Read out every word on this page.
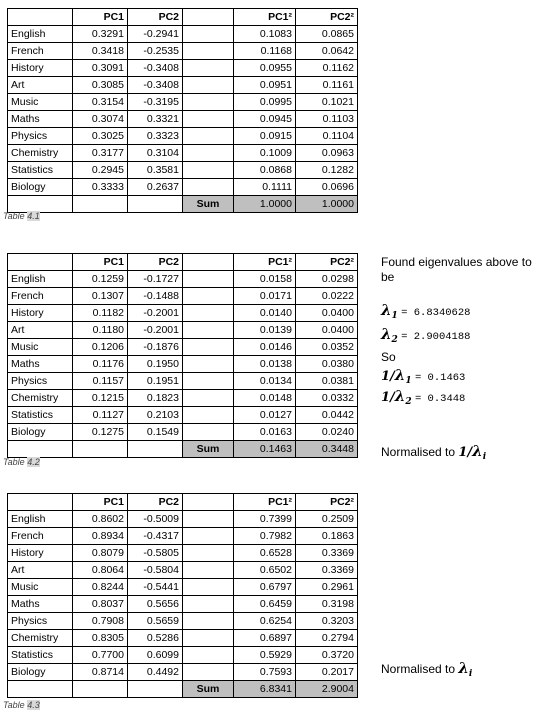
	PC1	PC2		PC1²	PC2²
English	0.3291	-0.2941		0.1083	0.0865
French	0.3418	-0.2535		0.1168	0.0642
History	0.3091	-0.3408		0.0955	0.1162
Art	0.3085	-0.3408		0.0951	0.1161
Music	0.3154	-0.3195		0.0995	0.1021
Maths	0.3074	0.3321		0.0945	0.1103
Physics	0.3025	0.3323		0.0915	0.1104
Chemistry	0.3177	0.3104		0.1009	0.0963
Statistics	0.2945	0.3581		0.0868	0.1282
Biology	0.3333	0.2637		0.1111	0.0696
			Sum	1.0000	1.0000
Table 4.1
	PC1	PC2		PC1²	PC2²
English	0.1259	-0.1727		0.0158	0.0298
French	0.1307	-0.1488		0.0171	0.0222
History	0.1182	-0.2001		0.0140	0.0400
Art	0.1180	-0.2001		0.0139	0.0400
Music	0.1206	-0.1876		0.0146	0.0352
Maths	0.1176	0.1950		0.0138	0.0380
Physics	0.1157	0.1951		0.0134	0.0381
Chemistry	0.1215	0.1823		0.0148	0.0332
Statistics	0.1127	0.2103		0.0127	0.0442
Biology	0.1275	0.1549		0.0163	0.0240
			Sum	0.1463	0.3448
Table 4.2
	PC1	PC2		PC1²	PC2²
English	0.8602	-0.5009		0.7399	0.2509
French	0.8934	-0.4317		0.7982	0.1863
History	0.8079	-0.5805		0.6528	0.3369
Art	0.8064	-0.5804		0.6502	0.3369
Music	0.8244	-0.5441		0.6797	0.2961
Maths	0.8037	0.5656		0.6459	0.3198
Physics	0.7908	0.5659		0.6254	0.3203
Chemistry	0.8305	0.5286		0.6897	0.2794
Statistics	0.7700	0.6099		0.5929	0.3720
Biology	0.8714	0.4492		0.7593	0.2017
			Sum	6.8341	2.9004
Table 4.3
Found eigenvalues above to be
$\lambda_1 = 6.8340628$
$\lambda_2 = 2.9004188$
So
$1/\lambda_1 = 0.1463$
$1/\lambda_2 = 0.3448$
Normalised to $1/\lambda_i$
Normalised to $\lambda_i$
